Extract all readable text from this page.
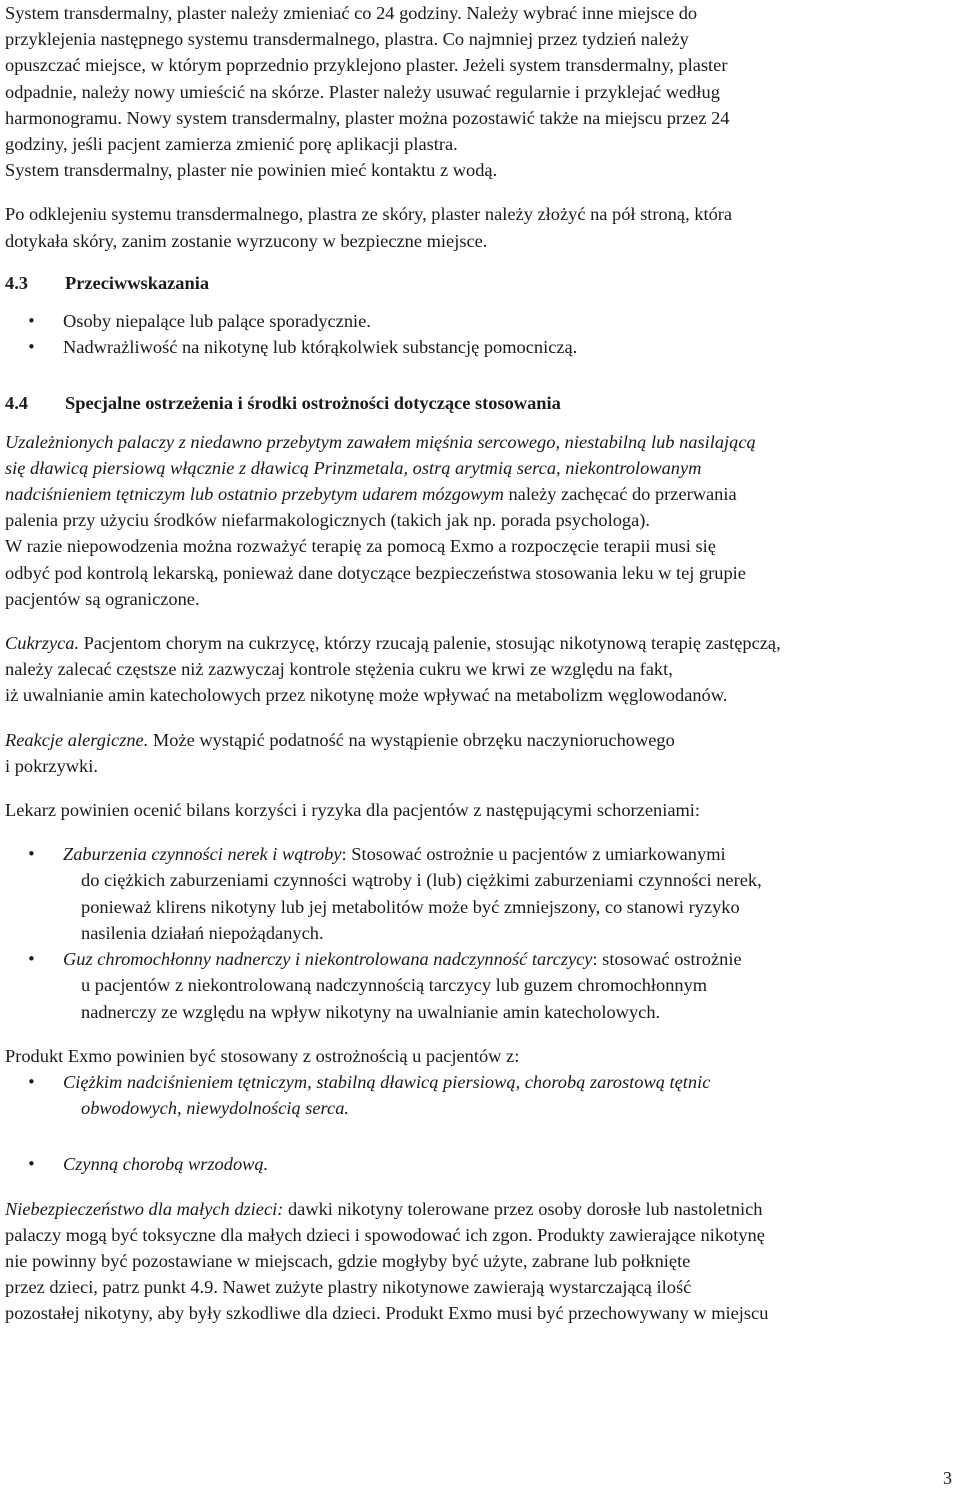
System transdermalny, plaster należy zmieniać co 24 godziny. Należy wybrać inne miejsce do
przyklejenia następnego systemu transdermalnego, plastra. Co najmniej przez tydzień należy
opuszczać miejsce, w którym poprzednio przyklejono plaster. Jeżeli system transdermalny, plaster
odpadnie, należy nowy umieścić na skórze. Plaster należy usuwać regularnie i przyklejać według
harmonogramu. Nowy system transdermalny, plaster można pozostawić także na miejscu przez 24
godziny, jeśli pacjent zamierza zmienić porę aplikacji plastra.
System transdermalny, plaster nie powinien mieć kontaktu z wodą.

Po odklejeniu systemu transdermalnego, plastra ze skóry, plaster należy złożyć na pół stroną, która
dotykała skóry, zanim zostanie wyrzucony w bezpieczne miejsce.

4.3	Przeciwwskazania
• Osoby niepalące lub palące sporadycznie.
• Nadwrażliwość na nikotynę lub którąkolwiek substancję pomocniczą.
4.4	Specjalne ostrzeżenia i środki ostrożności dotyczące stosowania

Uzależnionych palaczy z niedawno przebytym zawałem mięśnia sercowego, niestabilną lub nasilającą
się dławicą piersiową włącznie z dławicą Prinzmetala, ostrą arytmią serca, niekontrolowanym
nadciśnieniem tętniczym lub ostatnio przebytym udarem mózgowym należy zachęcać do przerwania
palenia przy użyciu środków niefarmakologicznych (takich jak np. porada psychologa).
W razie niepowodzenia można rozważyć terapię za pomocą Exmo a rozpoczęcie terapii musi się
odbyć pod kontrolą lekarską, ponieważ dane dotyczące bezpieczeństwa stosowania leku w tej grupie
pacjentów są ograniczone.

Cukrzyca. Pacjentom chorym na cukrzycę, którzy rzucają palenie, stosując nikotynową terapię zastępczą,
należy zalecać częstsze niż zazwyczaj kontrole stężenia cukru we krwi ze względu na fakt,
iż uwalnianie amin katecholowych przez nikotynę może wpływać na metabolizm węglowodanów.

Reakcje alergiczne. Może wystąpić podatność na wystąpienie obrzęku naczynioruchowego
i pokrzywki.

Lekarz powinien ocenić bilans korzyści i ryzyka dla pacjentów z następującymi schorzeniami:

• Zaburzenia czynności nerek i wątroby: Stosować ostrożnie u pacjentów z umiarkowanymi
do ciężkich zaburzeniami czynności wątroby i (lub) ciężkimi zaburzeniami czynności nerek,
ponieważ klirens nikotyny lub jej metabolitów może być zmniejszony, co stanowi ryzyko
nasilenia działań niepożądanych.
• Guz chromochłonny nadnerczy i niekontrolowana nadczynność tarczycy: stosować ostrożnie
u pacjentów z niekontrolowaną nadczynnością tarczycy lub guzem chromochłonnym
nadnerczy ze względu na wpływ nikotyny na uwalnianie amin katecholowych.

Produkt Exmo powinien być stosowany z ostrożnością u pacjentów z:

• Ciężkim nadciśnieniem tętniczym, stabilną dławicą piersiową, chorobą zarostową tętnic
obwodowych, niewydolnością serca.
• Czynną chorobą wrzodową.

Niebezpieczeństwo dla małych dzieci: dawki nikotyny tolerowane przez osoby dorosłe lub nastoletnich
palaczy mogą być toksyczne dla małych dzieci i spowodować ich zgon. Produkty zawierające nikotynę
nie powinny być pozostawiane w miejscach, gdzie mogłyby być użyte, zabrane lub połknięte
przez dzieci, patrz punkt 4.9. Nawet zużyte plastry nikotynowe zawierają wystarczającą ilość
pozostałej nikotyny, aby były szkodliwe dla dzieci. Produkt Exmo musi być przechowywany w miejscu

3
